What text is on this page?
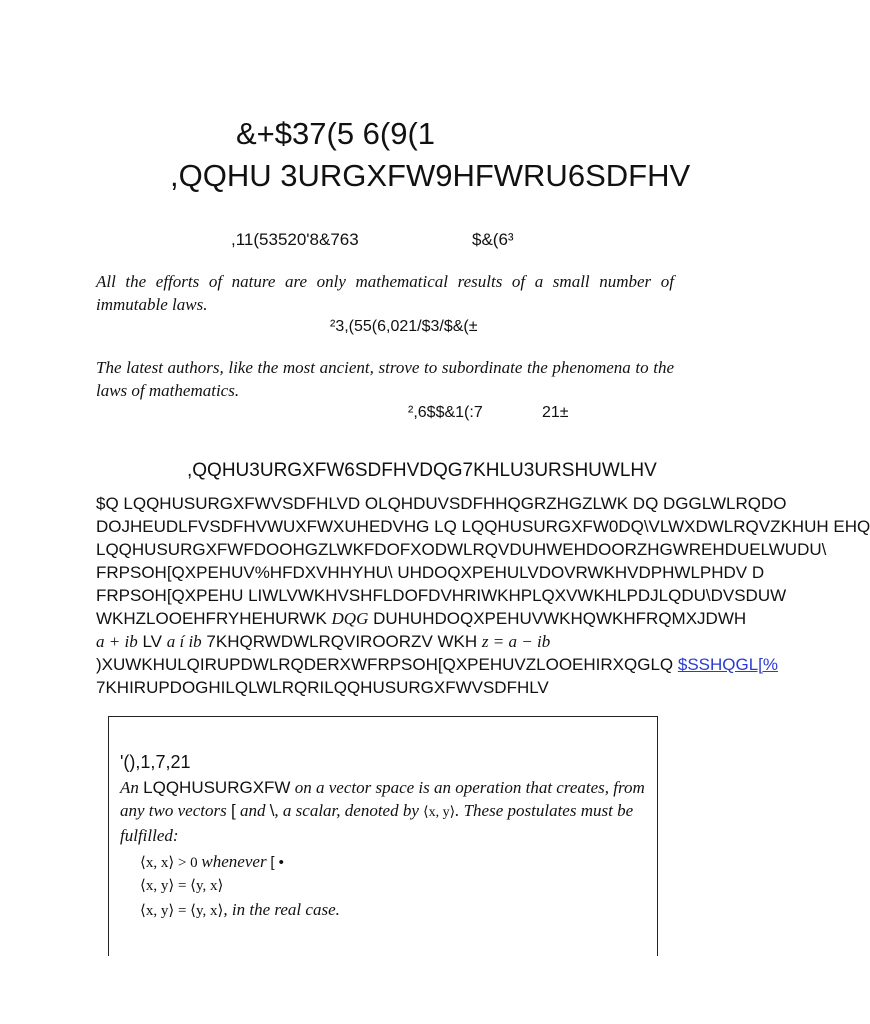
&+$37(5 6(9(1
,QQHU 3URGXFW9HFWRU6SDFHV
,11(53520'8&763	$&(6³
All the efforts of nature are only mathematical results of a small number of immutable laws.
²3,(55(6,021/$3/$&(±
The latest authors, like the most ancient, strove to subordinate the phenomena to the laws of mathematics.
²,6$$&1(:7	21±
,QQHU3URGXFW6SDFHVDQG7KHLU3URSHUWLHV
$Q LQQHUSURGXFWVSDFHLVD OLQHDUVSDFHHQGRZHGZLWK DQ DGGLWLRQDO
DOJHEUDLFVSDFHVWUXFWXUHEDVHG LQ LQQHUSURGXFW0DQ\VLWXDWLRQVZKHUH EHQ
LQQHUSURGXFWFDOOHGZLWKFDOFXODWLRQVDUHWEHDOORZHGWREHDUELWUDU\
FRPSOH[QXPEHUV%HFDXVHHYHU\ UHDOQXPEHULVDOVRWKHVDPHWLPHDV D
FRPSOH[QXPEHU LIWLVWKHVSHFLDOFDVHRIWKHPLQXVWKHLPDJLQDU\DVSDUW
WKHZLOOEHFRYHEHURWK DQG DUHUHDOQXPEHUVWKHQWKHFRQMXJDWH
a + ib LV a í ib 7KHQRWDWLRQVIROORZV WKH z = a − ib
)XUWKHULQIRUPDWLRQDERXWFRPSOH[QXPEHUVZLOOEHIRXQGLQ $SSHQGL[%
7KHIRUPDOGHILQLWLRQRILQQHUSURGXFWVSDFHLV
'(),1,7,21
An LQQHUSURGXFW on a vector space is an operation that creates, from any two vectors [ and \, a scalar, denoted by ⟨x, y⟩. These postulates must be fulfilled:
⟨x, x⟩ > 0 whenever [ •
⟨x, y⟩ = ⟨y, x⟩
⟨x, y⟩ = ⟨y, x⟩, in the real case.
